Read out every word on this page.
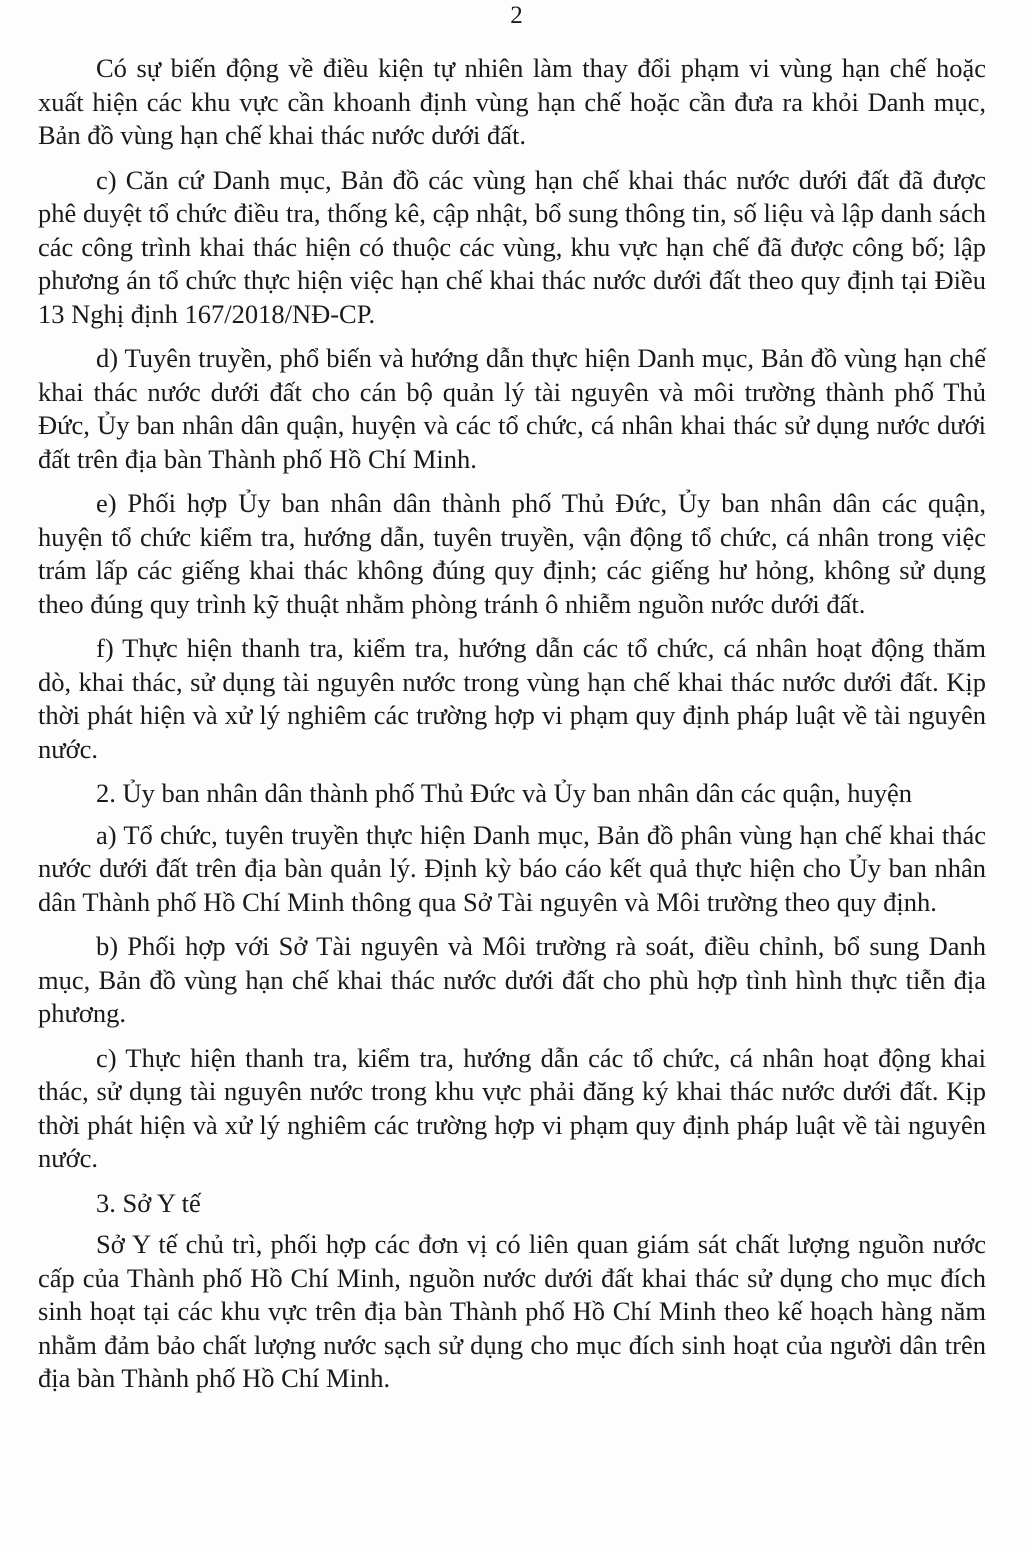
2

Có sự biến động về điều kiện tự nhiên làm thay đổi phạm vi vùng hạn chế hoặc xuất hiện các khu vực cần khoanh định vùng hạn chế hoặc cần đưa ra khỏi Danh mục, Bản đồ vùng hạn chế khai thác nước dưới đất.

c) Căn cứ Danh mục, Bản đồ các vùng hạn chế khai thác nước dưới đất đã được phê duyệt tổ chức điều tra, thống kê, cập nhật, bổ sung thông tin, số liệu và lập danh sách các công trình khai thác hiện có thuộc các vùng, khu vực hạn chế đã được công bố; lập phương án tổ chức thực hiện việc hạn chế khai thác nước dưới đất theo quy định tại Điều 13 Nghị định 167/2018/NĐ-CP.

d) Tuyên truyền, phổ biến và hướng dẫn thực hiện Danh mục, Bản đồ vùng hạn chế khai thác nước dưới đất cho cán bộ quản lý tài nguyên và môi trường thành phố Thủ Đức, Ủy ban nhân dân quận, huyện và các tổ chức, cá nhân khai thác sử dụng nước dưới đất trên địa bàn Thành phố Hồ Chí Minh.

e) Phối hợp Ủy ban nhân dân thành phố Thủ Đức, Ủy ban nhân dân các quận, huyện tổ chức kiểm tra, hướng dẫn, tuyên truyền, vận động tổ chức, cá nhân trong việc trám lấp các giếng khai thác không đúng quy định; các giếng hư hỏng, không sử dụng theo đúng quy trình kỹ thuật nhằm phòng tránh ô nhiễm nguồn nước dưới đất.

f) Thực hiện thanh tra, kiểm tra, hướng dẫn các tổ chức, cá nhân hoạt động thăm dò, khai thác, sử dụng tài nguyên nước trong vùng hạn chế khai thác nước dưới đất. Kịp thời phát hiện và xử lý nghiêm các trường hợp vi phạm quy định pháp luật về tài nguyên nước.

2. Ủy ban nhân dân thành phố Thủ Đức và Ủy ban nhân dân các quận, huyện

a) Tổ chức, tuyên truyền thực hiện Danh mục, Bản đồ phân vùng hạn chế khai thác nước dưới đất trên địa bàn quản lý. Định kỳ báo cáo kết quả thực hiện cho Ủy ban nhân dân Thành phố Hồ Chí Minh thông qua Sở Tài nguyên và Môi trường theo quy định.

b) Phối hợp với Sở Tài nguyên và Môi trường rà soát, điều chỉnh, bổ sung Danh mục, Bản đồ vùng hạn chế khai thác nước dưới đất cho phù hợp tình hình thực tiễn địa phương.

c) Thực hiện thanh tra, kiểm tra, hướng dẫn các tổ chức, cá nhân hoạt động khai thác, sử dụng tài nguyên nước trong khu vực phải đăng ký khai thác nước dưới đất. Kịp thời phát hiện và xử lý nghiêm các trường hợp vi phạm quy định pháp luật về tài nguyên nước.

3. Sở Y tế

Sở Y tế chủ trì, phối hợp các đơn vị có liên quan giám sát chất lượng nguồn nước cấp của Thành phố Hồ Chí Minh, nguồn nước dưới đất khai thác sử dụng cho mục đích sinh hoạt tại các khu vực trên địa bàn Thành phố Hồ Chí Minh theo kế hoạch hàng năm nhằm đảm bảo chất lượng nước sạch sử dụng cho mục đích sinh hoạt của người dân trên địa bàn Thành phố Hồ Chí Minh.
